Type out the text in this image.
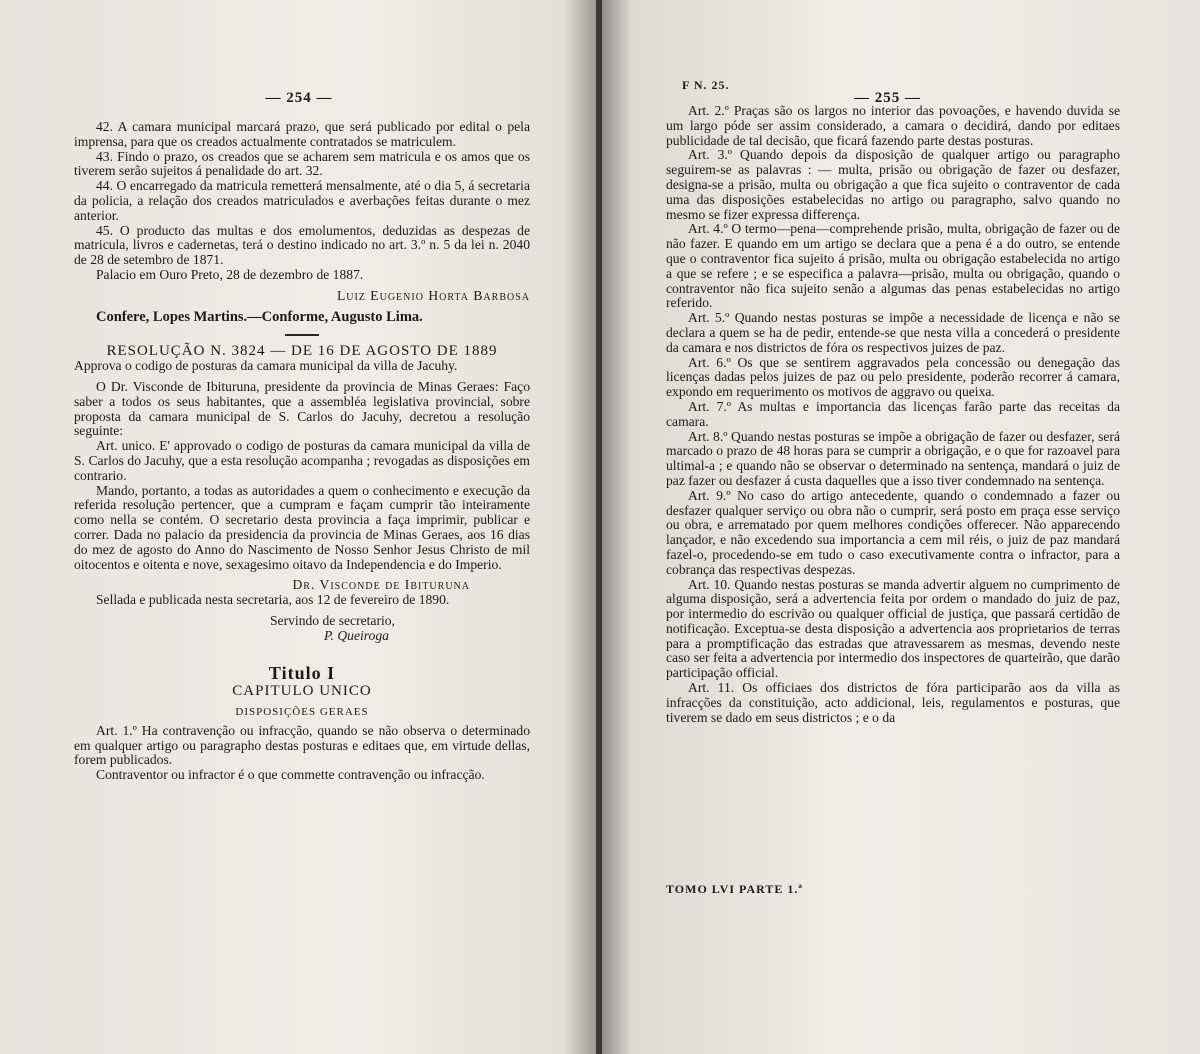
— 254 —

42. A camara municipal marcará prazo, que será publicado por edital o pela imprensa, para que os creados actualmente contratados se matriculem.

43. Findo o prazo, os creados que se acharem sem matricula e os amos que os tiverem serão sujeitos á penalidade do art. 32.

44. O encarregado da matricula remetterá mensalmente, até o dia 5, á secretaria da policia, a relação dos creados matriculados e averbações feitas durante o mez anterior.

45. O producto das multas e dos emolumentos, deduzidas as despezas de matricula, livros e cadernetas, terá o destino indicado no art. 3.º n. 5 da lei n. 2040 de 28 de setembro de 1871.

Palacio em Ouro Preto, 28 de dezembro de 1887.

Luiz Eugenio Horta Barbosa

Confere, Lopes Martins.—Conforme, Augusto Lima.

RESOLUÇÃO N. 3824 — DE 16 DE AGOSTO DE 1889

Approva o codigo de posturas da camara municipal da villa de Jacuhy.

O Dr. Visconde de Ibituruna, presidente da provincia de Minas Geraes: Faço saber a todos os seus habitantes, que a assembléa legislativa provincial, sobre proposta da camara municipal de S. Carlos do Jacuhy, decretou a resolução seguinte:

Art. unico. E' approvado o codigo de posturas da camara municipal da villa de S. Carlos do Jacuhy, que a esta resolução acompanha ; revogadas as disposições em contrario.

Mando, portanto, a todas as autoridades a quem o conhecimento e execução da referida resolução pertencer, que a cumpram e façam cumprir tão inteiramente como nella se contém. O secretario desta provincia a faça imprimir, publicar e correr. Dada no palacio da presidencia da provincia de Minas Geraes, aos 16 dias do mez de agosto do Anno do Nascimento de Nosso Senhor Jesus Christo de mil oitocentos e oitenta e nove, sexagesimo oitavo da Independencia e do Imperio.

Dr. Visconde de Ibituruna

Sellada e publicada nesta secretaria, aos 12 de fevereiro de 1890.

Servindo de secretario,

P. Queiroga

Titulo I

CAPITULO UNICO

DISPOSIÇÕES GERAES

Art. 1.º Ha contravenção ou infracção, quando se não observa o determinado em qualquer artigo ou paragrapho destas posturas e editaes que, em virtude dellas, forem publicados.

Contraventor ou infractor é o que commette contravenção ou infracção.

F N. 25.
— 255 —

Art. 2.º Praças são os largos no interior das povoações, e havendo duvida se um largo póde ser assim considerado, a camara o decidirá, dando por editaes publicidade de tal decisão, que ficará fazendo parte destas posturas.

Art. 3.º Quando depois da disposição de qualquer artigo ou paragrapho seguirem-se as palavras : — multa, prisão ou obrigação de fazer ou desfazer, designa-se a prisão, multa ou obrigação a que fica sujeito o contraventor de cada uma das disposições estabelecidas no artigo ou paragrapho, salvo quando no mesmo se fizer expressa differença.

Art. 4.º O termo—pena—comprehende prisão, multa, obrigação de fazer ou de não fazer. E quando em um artigo se declara que a pena é a do outro, se entende que o contraventor fica sujeito á prisão, multa ou obrigação estabelecida no artigo a que se refere ; e se especifica a palavra—prisão, multa ou obrigação, quando o contraventor não fica sujeito senão a algumas das penas estabelecidas no artigo referido.

Art. 5.º Quando nestas posturas se impõe a necessidade de licença e não se declara a quem se ha de pedir, entende-se que nesta villa a concederá o presidente da camara e nos districtos de fóra os respectivos juizes de paz.

Art. 6.º Os que se sentirem aggravados pela concessão ou denegação das licenças dadas pelos juizes de paz ou pelo presidente, poderão recorrer á camara, expondo em requerimento os motivos de aggravo ou queixa.

Art. 7.º As multas e importancia das licenças farão parte das receitas da camara.

Art. 8.º Quando nestas posturas se impõe a obrigação de fazer ou desfazer, será marcado o prazo de 48 horas para se cumprir a obrigação, e o que for razoavel para ultimal-a ; e quando não se observar o determinado na sentença, mandará o juiz de paz fazer ou desfazer á custa daquelles que a isso tiver condemnado na sentença.

Art. 9.º No caso do artigo antecedente, quando o condemnado a fazer ou desfazer qualquer serviço ou obra não o cumprir, será posto em praça esse serviço ou obra, e arrematado por quem melhores condições offerecer. Não apparecendo lançador, e não excedendo sua importancia a cem mil réis, o juiz de paz mandará fazel-o, procedendo-se em tudo o caso executivamente contra o infractor, para a cobrança das respectivas despezas.

Art. 10. Quando nestas posturas se manda advertir alguem no cumprimento de alguma disposição, será a advertencia feita por ordem o mandado do juiz de paz, por intermedio do escrivão ou qualquer official de justiça, que passará certidão de notificação. Exceptua-se desta disposição a advertencia aos proprietarios de terras para a promptificação das estradas que atravessarem as mesmas, devendo neste caso ser feita a advertencia por intermedio dos inspectores de quarteirão, que darão participação official.

Art. 11. Os officiaes dos districtos de fóra participarão aos da villa as infracções da constituição, acto addicional, leis, regulamentos e posturas, que tiverem se dado em seus districtos ; e o da

TOMO LVI PARTE 1.ª
